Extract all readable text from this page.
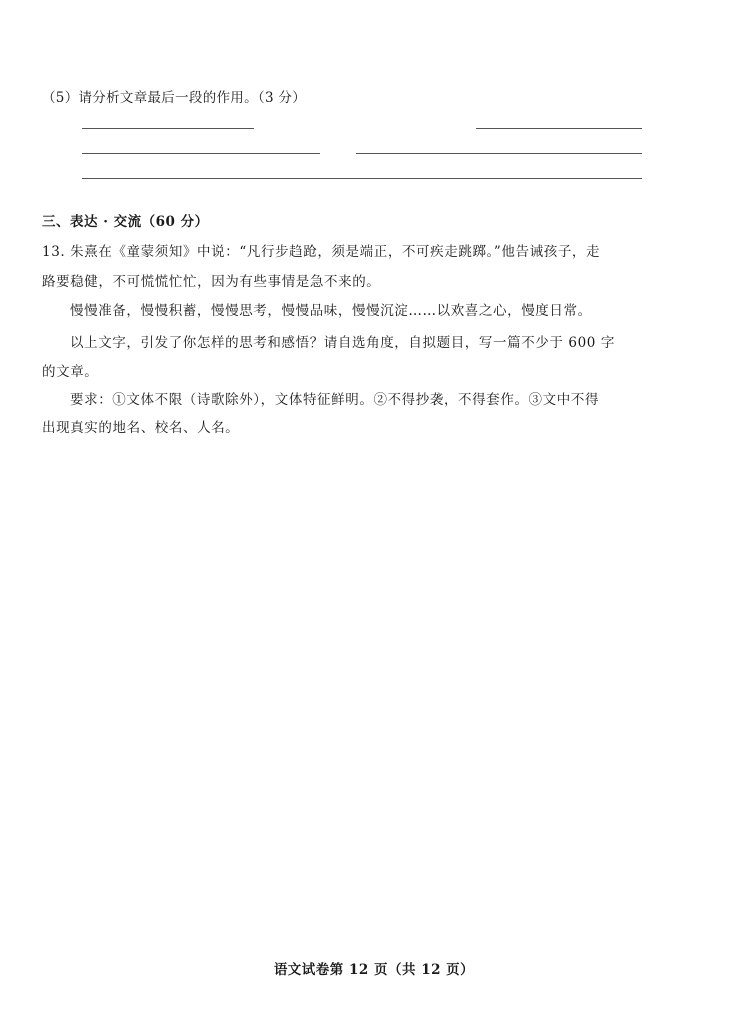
（5）请分析文章最后一段的作用。（3 分）
三、表达 · 交流（60 分）
13. 朱熹在《童蒙须知》中说：“凡行步趋跄，须是端正，不可疾走跳踯。”他告诫孩子，走
路要稳健，不可慌慌忙忙，因为有些事情是急不来的。
慢慢准备，慢慢积蓄，慢慢思考，慢慢品味，慢慢沉淀……以欢喜之心，慢度日常。
以上文字，引发了你怎样的思考和感悟？请自选角度，自拟题目，写一篇不少于 600 字
的文章。
要求：①文体不限（诗歌除外），文体特征鲜明。②不得抄袭，不得套作。③文中不得
出现真实的地名、校名、人名。
语文试卷第 12 页（共 12 页）
